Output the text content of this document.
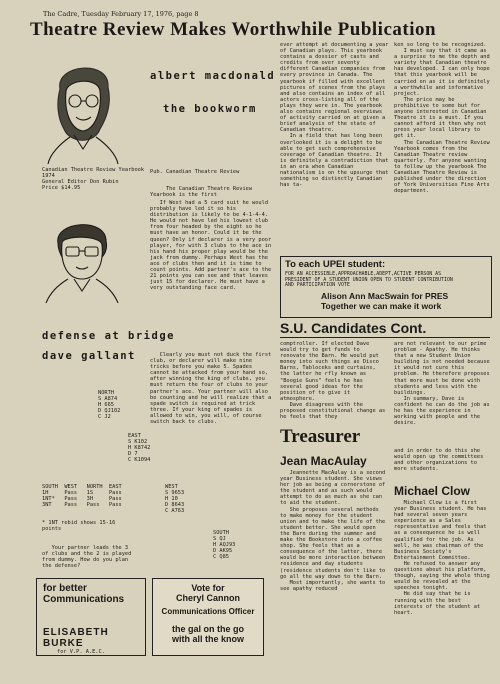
The Cadre, Tuesday February 17, 1976, page 8
Theatre Review Makes Worthwhile Publication
albert macdonald
the bookworm
Canadian Theatre Review Yearbook 1974
General Editor Don Rubin
Price $14.95
Pub. Canadian Theatre Review
The Canadian Theatre Review Yearbook is the first
defense at bridge
dave gallant
If West had a 5 card suit he would probably have led it so his distribution is likely to be 4-1-4-4. He would not have led his lowest club from four headed by the eight so he must have an honor. Could it be the queen? Only if declarer is a very poor player, for with 3 clubs to the ace in his hand his proper play would be the jack from dummy. Perhaps West has the ace of clubs then and it is time to count points. Add partner's ace to the 21 points you can see and that leaves just 15 for declarer. He must have a very outstanding face card.
Clearly you must not duck the first club, or declarer will make nine tricks before you make 5. Spades cannot be attacked from your hand so, after winning the king of clubs, you must return the four of clubs to your partner's ace. Your partner will also be counting and he will realize that a spade switch is required at trick three. If your king of spades is allowed to win, you will, of course switch back to clubs.
NORTH
S A874
H 665
D QJ102
C J2
EAST
S K102
H K8742
D 7
C K1094
WEST
S 9653
H 10
D 8643
C A763
SOUTH
S QJ
H AQJ93
D AK95
C Q85
SOUTH  WEST   NORTH  EAST
1H     Pass   1S     Pass
1NT*   Pass   3H     Pass
3NT    Pass   Pass   Pass
* 1NT rebid shows 15-16
points
Your partner leads the 3
of clubs and the 2 is played
from dummy. How do you plan
the defense?
ever attempt at documenting a year of Canadian plays. This yearbook contains a dossier of casts and credits from over seventy different Canadian companies from every province in Canada. The yearbook if filled with excellent pictures of scenes from the plays and also contains an index of all actors cross-listing all of the plays they were in. The yearbook also contains regional overviews of activity carried on at given a brief analysis of the state of Canadian theatre.
In a field that has long been overlooked it is a delight to be able to get such comprehensive coverage of Canadian theatre. It is definitely a contradiction that in an era when Canadian nationalism is on the upsurge that something so distinctly Canadian has ta-
ken so long to be recognized.
I must say that it came as a surprise to me the depth and variety that Canadian theatre has developed. I can only hope that this yearbook will be carried on as it is definitely a worthwhile and informative project.
The price may be prohibitive to some but for anyone interested in Canadian Theatre it is a must. If you cannot afford it then why not press your local library to get it.
The Canadian Theatre Review Yearbook comes from the Canadian Theatre review quarterly. For anyone wanting to follow up the yearbook The Canadian Theatre Review is published under the direction of York Universities Fine Arts department.
To each UPEI student:
FOR AN ACCESSIBLE,APPROACHABLE,ADEPT,ACTIVE PERSON AS
PRESIDENT OF A STUDENT UNION OPEN TO STUDENT CONTRIBUTION
AND PARTICIPATION VOTE
Alison Ann MacSwain for PRES
Together we can make it work
S.U. Candidates Cont.
comptroller. If elected Dave would try to get funds to renovate the Barn. He would put money into such things as Disco Barns, Tabloceks and curtains, the latter he rfly known as "Boogie Guns" feels he has several good ideas for the position of to give it atmosphere.
Dave disagrees with the proposed constitutional change as he feels that they
are not relevant to our prime problem - Apathy. He thinks that a new Student Union building is not needed because it would not cure this problem. He therefore proposes that more must be done with students and less with the buildings.
In summary, Dave is confident he can do the job as he has the experience in working with people and the desire.
Treasurer
Jean MacAulay
Jeannette MacAulay is a second year Business student. She views her job as being a cornerstone of the student and as such would attempt to do as much as she can to aid the student.
She proposes several methods to make money for the student union and to make the life of the student better. She would open the Barn during the summer and make the Bookstore into a coffee shop. She feels that as a consequence of the latter, there would be more interaction between residence and day students (residence students don't like to go all the way down to the Barn.
Most importantly, she wants to see apathy reduced
and in order to do this she would open up the committees and other organizations to more students.
Michael Clow
Michael Clow is a first year Business student. He has had several seven years experience as a Sales representative and feels that as a consequence he is well qualified for the job. As well, he was chairman of the Business Society's Entertainment Committee.
He refused to answer any questions about his platform, though, saying the whole thing would be revealed at the speeches tonight.
He did say that he is running with the best interests of the student at heart.
for better
Communications
ELISABETH BURKE
for V.P. A.E.C.
Vote for
Cheryl Cannon
Communications Officer
the gal on the go
with all the know
